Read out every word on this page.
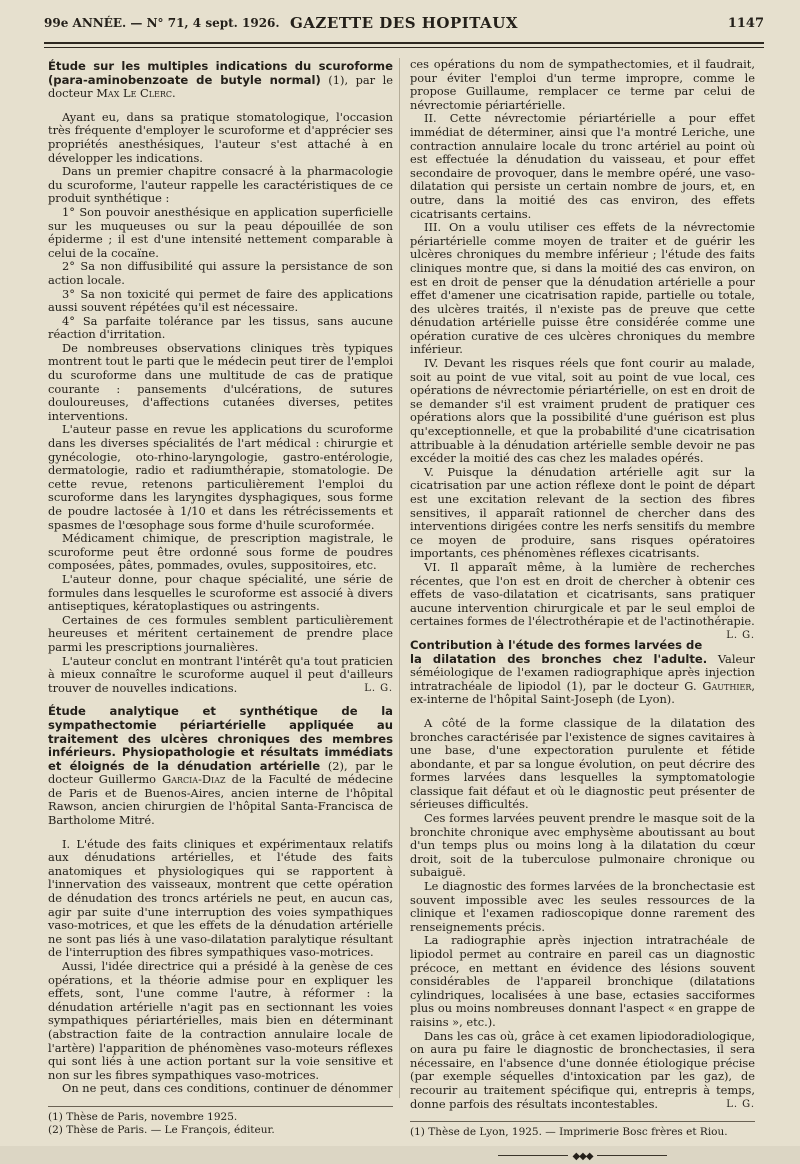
99e ANNÉE. — N° 71, 4 sept. 1926. GAZETTE DES HOPITAUX	1147

Étude sur les multiples indications du scuroforme (para-aminobenzoate de butyle normal) (1), par le docteur Max Le Clerc.

Ayant eu, dans sa pratique stomatologique, l'occasion très fréquente d'employer le scuroforme et d'apprécier ses propriétés anesthésiques, l'auteur s'est attaché à en développer les indications.

Dans un premier chapitre consacré à la pharmacologie du scuroforme, l'auteur rappelle les caractéristiques de ce produit synthétique :

1° Son pouvoir anesthésique en application superficielle sur les muqueuses ou sur la peau dépouillée de son épiderme ; il est d'une intensité nettement comparable à celui de la cocaïne.

2° Sa non diffusibilité qui assure la persistance de son action locale.

3° Sa non toxicité qui permet de faire des applications aussi souvent répétées qu'il est nécessaire.

4° Sa parfaite tolérance par les tissus, sans aucune réaction d'irritation.

De nombreuses observations cliniques très typiques montrent tout le parti que le médecin peut tirer de l'emploi du scuroforme dans une multitude de cas de pratique courante : pansements d'ulcérations, de sutures douloureuses, d'affections cutanées diverses, petites interventions.

L'auteur passe en revue les applications du scuroforme dans les diverses spécialités de l'art médical : chirurgie et gynécologie, oto-rhino-laryngologie, gastro-entérologie, dermatologie, radio et radiumthérapie, stomatologie. De cette revue, retenons particulièrement l'emploi du scuroforme dans les laryngites dysphagiques, sous forme de poudre lactosée à 1/10 et dans les rétrécissements et spasmes de l'œsophage sous forme d'huile scuroformée.

Médicament chimique, de prescription magistrale, le scuroforme peut être ordonné sous forme de poudres composées, pâtes, pommades, ovules, suppositoires, etc.

L'auteur donne, pour chaque spécialité, une série de formules dans lesquelles le scuroforme est associé à divers antiseptiques, kératoplastiques ou astringents.

Certaines de ces formules semblent particulièrement heureuses et méritent certainement de prendre place parmi les prescriptions journalières.

L'auteur conclut en montrant l'intérêt qu'a tout praticien à mieux connaître le scuroforme auquel il peut d'ailleurs trouver de nouvelles indications.	L. G.

Étude analytique et synthétique de la sympathectomie périartérielle appliquée au traitement des ulcères chroniques des membres inférieurs. Physiopathologie et résultats immédiats et éloignés de la dénudation artérielle (2), par le docteur Guillermo Garcia-Diaz de la Faculté de médecine de Paris et de Buenos-Aires, ancien interne de l'hôpital Rawson, ancien chirurgien de l'hôpital Santa-Francisca de Bartholome Mitré.

I. L'étude des faits cliniques et expérimentaux relatifs aux dénudations artérielles, et l'étude des faits anatomiques et physiologiques qui se rapportent à l'innervation des vaisseaux, montrent que cette opération de dénudation des troncs artériels ne peut, en aucun cas, agir par suite d'une interruption des voies sympathiques vaso-motrices, et que les effets de la dénudation artérielle ne sont pas liés à une vaso-dilatation paralytique résultant de l'interruption des fibres sympathiques vaso-motrices.

Aussi, l'idée directrice qui a présidé à la genèse de ces opérations, et la théorie admise pour en expliquer les effets, sont, l'une comme l'autre, à réformer : la dénudation artérielle n'agit pas en sectionnant les voies sympathiques périartérielles, mais bien en déterminant (abstraction faite de la contraction annulaire locale de l'artère) l'apparition de phénomènes vaso-moteurs réflexes qui sont liés à une action portant sur la voie sensitive et non sur les fibres sympathiques vaso-motrices.

On ne peut, dans ces conditions, continuer de dénommer

(1) Thèse de Paris, novembre 1925.
(2) Thèse de Paris. — Le François, éditeur.

ces opérations du nom de sympathectomies, et il faudrait, pour éviter l'emploi d'un terme impropre, comme le propose Guillaume, remplacer ce terme par celui de névrectomie périartérielle.

II. Cette névrectomie périartérielle a pour effet immédiat de déterminer, ainsi que l'a montré Leriche, une contraction annulaire locale du tronc artériel au point où est effectuée la dénudation du vaisseau, et pour effet secondaire de provoquer, dans le membre opéré, une vaso-dilatation qui persiste un certain nombre de jours, et, en outre, dans la moitié des cas environ, des effets cicatrisants certains.

III. On a voulu utiliser ces effets de la névrectomie périartérielle comme moyen de traiter et de guérir les ulcères chroniques du membre inférieur ; l'étude des faits cliniques montre que, si dans la moitié des cas environ, on est en droit de penser que la dénudation artérielle a pour effet d'amener une cicatrisation rapide, partielle ou totale, des ulcères traités, il n'existe pas de preuve que cette dénudation artérielle puisse être considérée comme une opération curative de ces ulcères chroniques du membre inférieur.

IV. Devant les risques réels que font courir au malade, soit au point de vue vital, soit au point de vue local, ces opérations de névrectomie périartérielle, on est en droit de se demander s'il est vraiment prudent de pratiquer ces opérations alors que la possibilité d'une guérison est plus qu'exceptionnelle, et que la probabilité d'une cicatrisation attribuable à la dénudation artérielle semble devoir ne pas excéder la moitié des cas chez les malades opérés.

V. Puisque la dénudation artérielle agit sur la cicatrisation par une action réflexe dont le point de départ est une excitation relevant de la section des fibres sensitives, il apparaît rationnel de chercher dans des interventions dirigées contre les nerfs sensitifs du membre ce moyen de produire, sans risques opératoires importants, ces phénomènes réflexes cicatrisants.

VI. Il apparaît même, à la lumière de recherches récentes, que l'on est en droit de chercher à obtenir ces effets de vaso-dilatation et cicatrisants, sans pratiquer aucune intervention chirurgicale et par le seul emploi de certaines formes de l'électrothérapie et de l'actinothérapie.
L. G.

Contribution à l'étude des formes larvées de la dilatation des bronches chez l'adulte. Valeur séméiologique de l'examen radiographique après injection intratrachéale de lipiodol (1), par le docteur G. Gauthier, ex-interne de l'hôpital Saint-Joseph (de Lyon).

A côté de la forme classique de la dilatation des bronches caractérisée par l'existence de signes cavitaires à une base, d'une expectoration purulente et fétide abondante, et par sa longue évolution, on peut décrire des formes larvées dans lesquelles la symptomatologie classique fait défaut et où le diagnostic peut présenter de sérieuses difficultés.

Ces formes larvées peuvent prendre le masque soit de la bronchite chronique avec emphysème aboutissant au bout d'un temps plus ou moins long à la dilatation du cœur droit, soit de la tuberculose pulmonaire chronique ou subaiguë.

Le diagnostic des formes larvées de la bronchectasie est souvent impossible avec les seules ressources de la clinique et l'examen radioscopique donne rarement des renseignements précis.

La radiographie après injection intratrachéale de lipiodol permet au contraire en pareil cas un diagnostic précoce, en mettant en évidence des lésions souvent considérables de l'appareil bronchique (dilatations cylindriques, localisées à une base, ectasies sacciformes plus ou moins nombreuses donnant l'aspect « en grappe de raisins », etc.).

Dans les cas où, grâce à cet examen lipiodoradiologique, on aura pu faire le diagnostic de bronchectasies, il sera nécessaire, en l'absence d'une donnée étiologique précise (par exemple séquelles d'intoxication par les gaz), de recourir au traitement spécifique qui, entrepris à temps, donne parfois des résultats incontestables.	L. G.

(1) Thèse de Lyon, 1925. — Imprimerie Bosc frères et Riou.
◆◆◆
